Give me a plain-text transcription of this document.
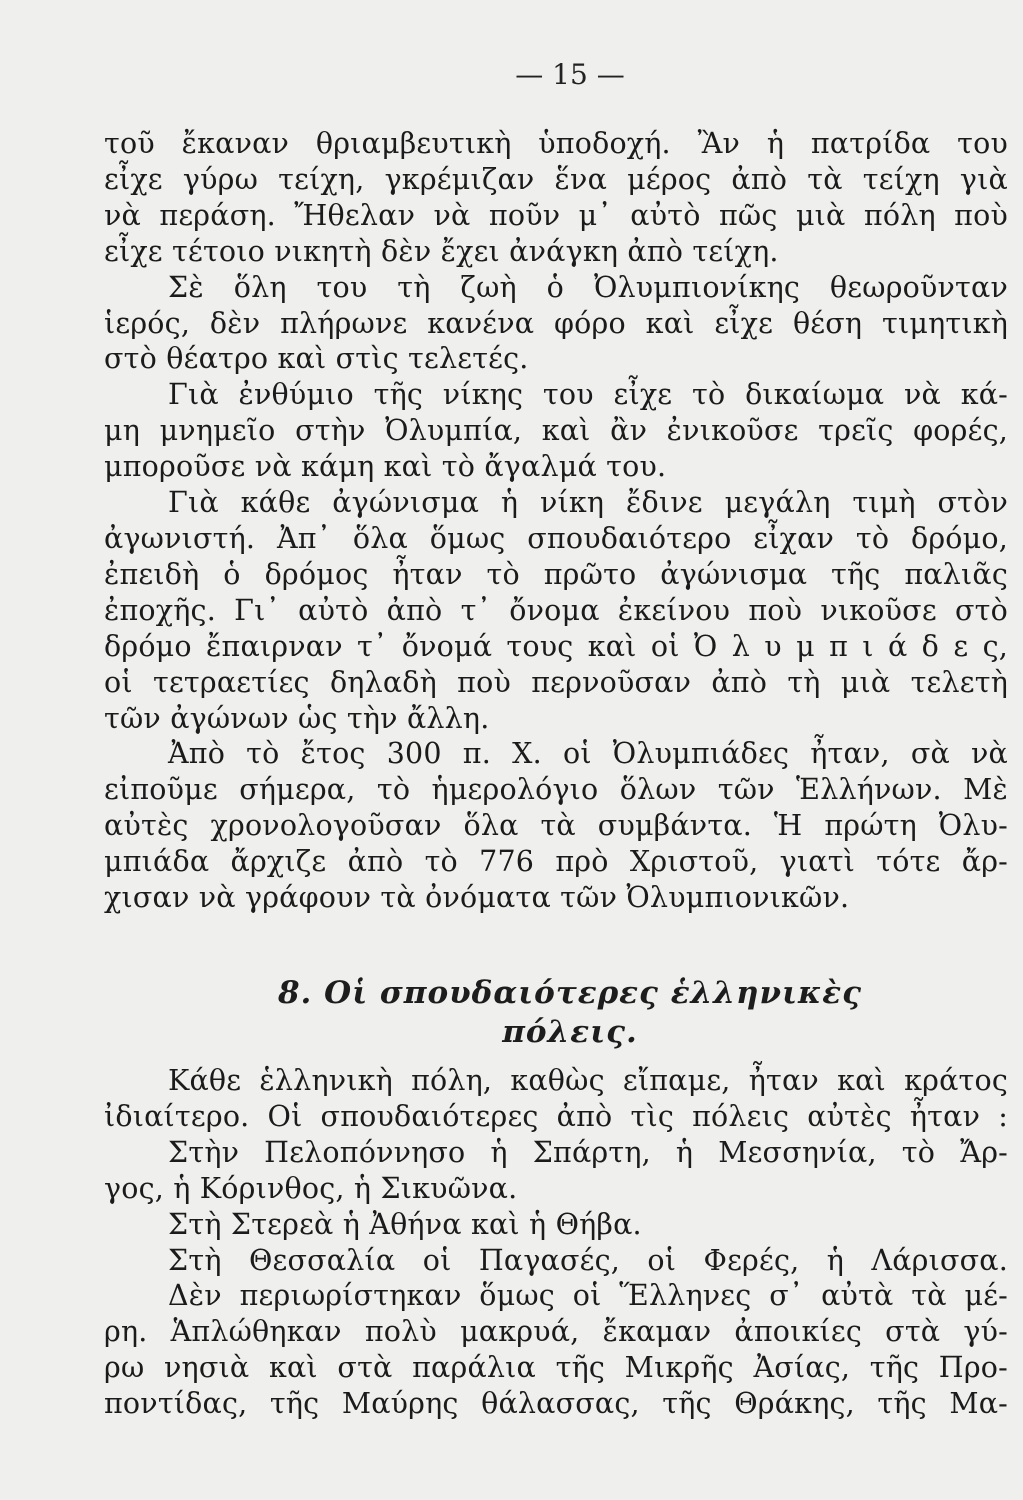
— 15 —
τοῦ ἔκαναν θριαμβευτικὴ ὑποδοχή. Ἂν ἡ πατρίδα του
εἶχε γύρω τείχη, γκρέμιζαν ἕνα μέρος ἀπὸ τὰ τείχη γιὰ
νὰ περάση. Ἤθελαν νὰ ποῦν μ᾽ αὐτὸ πῶς μιὰ πόλη ποὺ
εἶχε τέτοιο νικητὴ δὲν ἔχει ἀνάγκη ἀπὸ τείχη.
Σὲ ὅλη του τὴ ζωὴ ὁ Ὀλυμπιονίκης θεωροῦνταν
ἱερός, δὲν πλήρωνε κανένα φόρο καὶ εἶχε θέση τιμητικὴ
στὸ θέατρο καὶ στὶς τελετές.
Γιὰ ἐνθύμιο τῆς νίκης του εἶχε τὸ δικαίωμα νὰ κά-
μη μνημεῖο στὴν Ὀλυμπία, καὶ ἂν ἐνικοῦσε τρεῖς φορές,
μποροῦσε νὰ κάμη καὶ τὸ ἄγαλμά του.
Γιὰ κάθε ἀγώνισμα ἡ νίκη ἔδινε μεγάλη τιμὴ στὸν
ἀγωνιστή. Ἀπ᾽ ὅλα ὅμως σπουδαιότερο εἶχαν τὸ δρόμο,
ἐπειδὴ ὁ δρόμος ἦταν τὸ πρῶτο ἀγώνισμα τῆς παλιᾶς
ἐποχῆς. Γι᾽ αὐτὸ ἀπὸ τ᾽ ὄνομα ἐκείνου ποὺ νικοῦσε στὸ
δρόμο ἔπαιρναν τ᾽ ὄνομά τους καὶ οἱ Ὀ λ υ μ π ι ά δ ε ς,
οἱ τετραετίες δηλαδὴ ποὺ περνοῦσαν ἀπὸ τὴ μιὰ τελετὴ
τῶν ἀγώνων ὡς τὴν ἄλλη.
Ἀπὸ τὸ ἔτος 300 π. Χ. οἱ Ὀλυμπιάδες ἦταν, σὰ νὰ
εἰποῦμε σήμερα, τὸ ἡμερολόγιο ὅλων τῶν Ἑλλήνων. Μὲ
αὐτὲς χρονολογοῦσαν ὅλα τὰ συμβάντα. Ἡ πρώτη Ὀλυ-
μπιάδα ἄρχιζε ἀπὸ τὸ 776 πρὸ Χριστοῦ, γιατὶ τότε ἄρ-
χισαν νὰ γράφουν τὰ ὀνόματα τῶν Ὀλυμπιονικῶν.
8. Οἱ σπουδαιότερες ἑλληνικὲς
πόλεις.
Κάθε ἑλληνικὴ πόλη, καθὼς εἴπαμε, ἦταν καὶ κράτος
ἰδιαίτερο. Οἱ σπουδαιότερες ἀπὸ τὶς πόλεις αὐτὲς ἦταν :
Στὴν Πελοπόννησο ἡ Σπάρτη, ἡ Μεσσηνία, τὸ Ἄρ-
γος, ἡ Κόρινθος, ἡ Σικυῶνα.
Στὴ Στερεὰ ἡ Ἀθήνα καὶ ἡ Θήβα.
Στὴ Θεσσαλία οἱ Παγασές, οἱ Φερές, ἡ Λάρισσα.
Δὲν περιωρίστηκαν ὅμως οἱ Ἕλληνες σ᾽ αὐτὰ τὰ μέ-
ρη. Ἁπλώθηκαν πολὺ μακρυά, ἔκαμαν ἀποικίες στὰ γύ-
ρω νησιὰ καὶ στὰ παράλια τῆς Μικρῆς Ἀσίας, τῆς Προ-
ποντίδας, τῆς Μαύρης θάλασσας, τῆς Θράκης, τῆς Μα-
